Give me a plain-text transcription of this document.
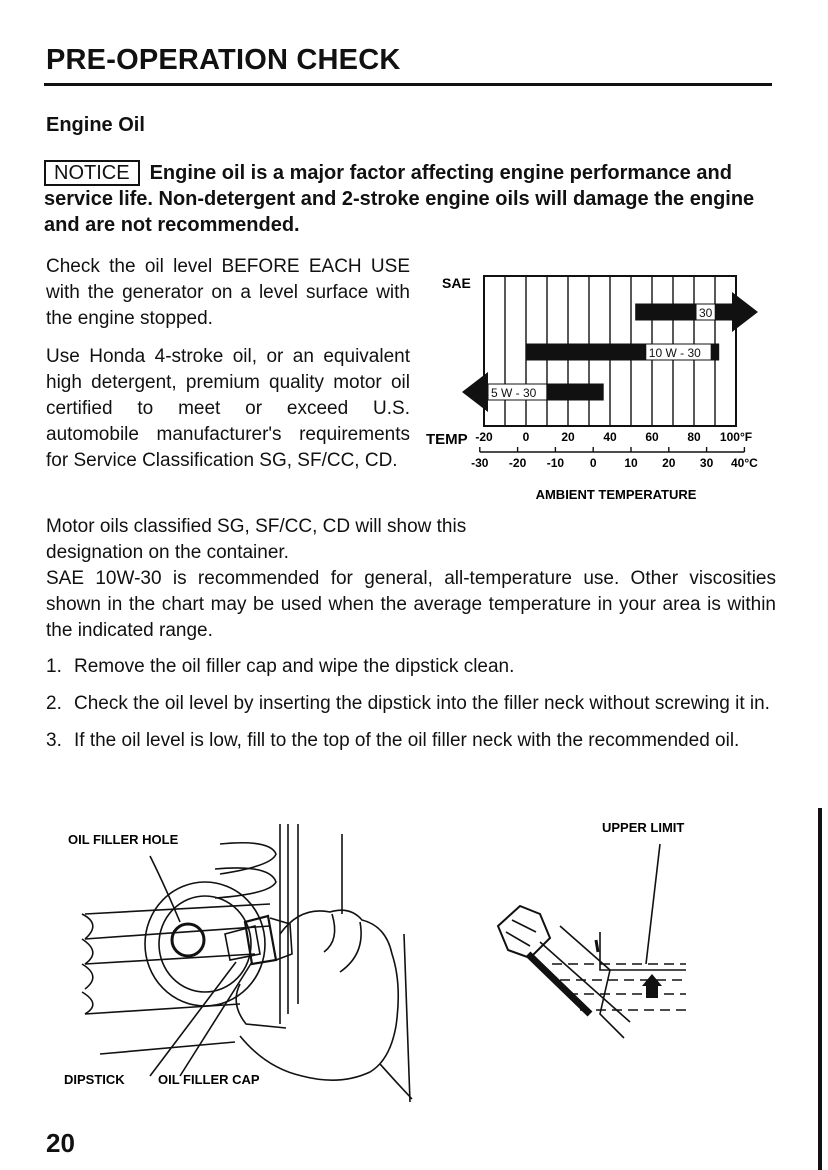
PRE-OPERATION CHECK
Engine Oil
NOTICE Engine oil is a major factor affecting engine performance and service life. Non-detergent and 2-stroke engine oils will damage the engine and are not recommended.
Check the oil level BEFORE EACH USE with the generator on a level surface with the engine stopped.
Use Honda 4-stroke oil, or an equivalent high detergent, premium quality motor oil certified to meet or exceed U.S. automobile manufacturer's requirements for Service Classification SG, SF/CC, CD.
Motor oils classified SG, SF/CC, CD will show this designation on the container.
SAE 10W-30 is recommended for general, all-temperature use. Other viscosities shown in the chart may be used when the average temperature in your area is within the indicated range.
1. Remove the oil filler cap and wipe the dipstick clean.
2. Check the oil level by inserting the dipstick into the filler neck without screwing it in.
3. If the oil level is low, fill to the top of the oil filler neck with the recommended oil.
SAE
30
10 W - 30
5 W - 30
TEMP -20 0	20 40 60 80 100°F
-30 -20 -10 0 10 20 30 40°C
AMBIENT TEMPERATURE
OIL FILLER HOLE
DIPSTICK	OIL FILLER CAP
UPPER LIMIT
20
